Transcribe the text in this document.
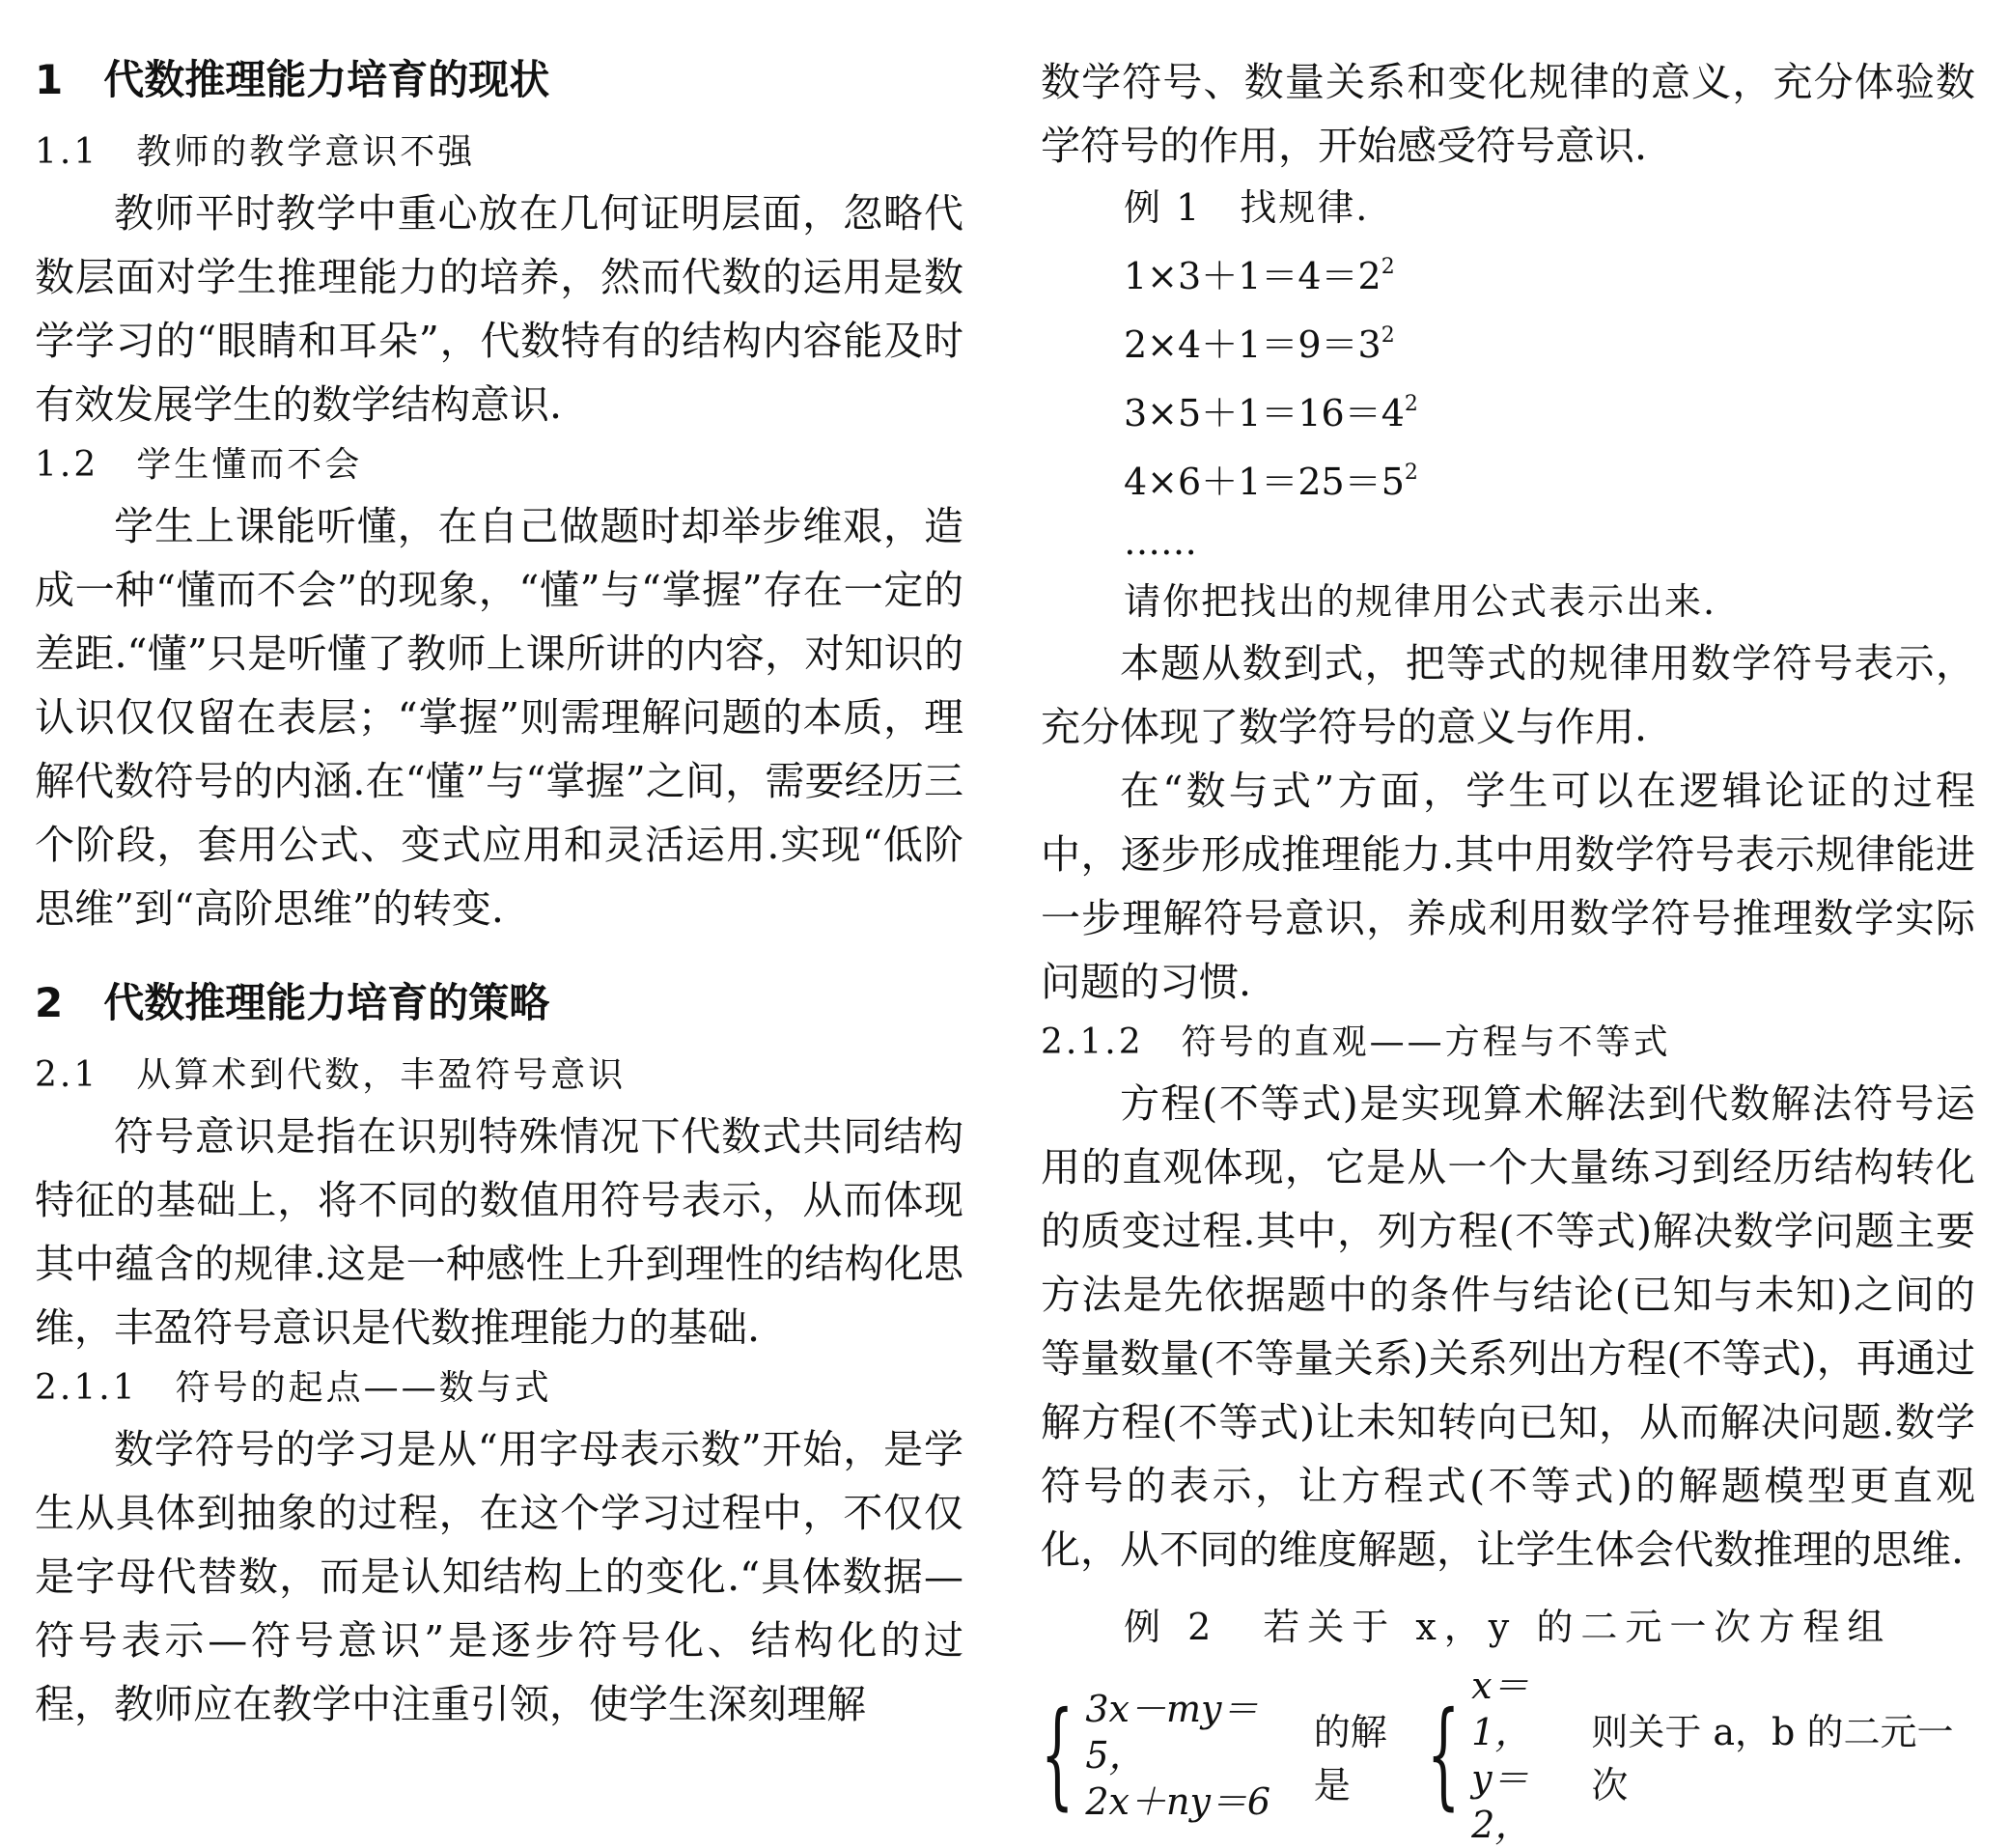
1　代数推理能力培育的现状
1.1　教师的教学意识不强
教师平时教学中重心放在几何证明层面，忽略代数层面对学生推理能力的培养，然而代数的运用是数学学习的“眼睛和耳朵”，代数特有的结构内容能及时有效发展学生的数学结构意识.
1.2　学生懂而不会
学生上课能听懂，在自己做题时却举步维艰，造成一种“懂而不会”的现象，“懂”与“掌握”存在一定的差距.“懂”只是听懂了教师上课所讲的内容，对知识的认识仅仅留在表层；“掌握”则需理解问题的本质，理解代数符号的内涵.在“懂”与“掌握”之间，需要经历三个阶段，套用公式、变式应用和灵活运用.实现“低阶思维”到“高阶思维”的转变.
2　代数推理能力培育的策略
2.1　从算术到代数，丰盈符号意识
符号意识是指在识别特殊情况下代数式共同结构特征的基础上，将不同的数值用符号表示，从而体现其中蕴含的规律.这是一种感性上升到理性的结构化思维，丰盈符号意识是代数推理能力的基础.
2.1.1　符号的起点——数与式
数学符号的学习是从“用字母表示数”开始，是学生从具体到抽象的过程，在这个学习过程中，不仅仅是字母代替数，而是认知结构上的变化.“具体数据—符号表示—符号意识”是逐步符号化、结构化的过程，教师应在教学中注重引领，使学生深刻理解
数学符号、数量关系和变化规律的意义，充分体验数学符号的作用，开始感受符号意识.
例 1　找规律.
$1\times 3+1=4=2^2$
$2\times 4+1=9=3^2$
$3\times 5+1=16=4^2$
$4\times 6+1=25=5^2$
……
请你把找出的规律用公式表示出来.
本题从数到式，把等式的规律用数学符号表示，充分体现了数学符号的意义与作用.
在“数与式”方面，学生可以在逻辑论证的过程中，逐步形成推理能力.其中用数学符号表示规律能进一步理解符号意识，养成利用数学符号推理数学实际问题的习惯.
2.1.2　符号的直观——方程与不等式
方程(不等式)是实现算术解法到代数解法符号运用的直观体现，它是从一个大量练习到经历结构转化的质变过程.其中，列方程(不等式)解决数学问题主要方法是先依据题中的条件与结论(已知与未知)之间的等量数量(不等量关系)关系列出方程(不等式)，再通过解方程(不等式)让未知转向已知，从而解决问题.数学符号的表示，让方程式(不等式)的解题模型更直观化，从不同的维度解题，让学生体会代数推理的思维.
例 2　若关于 x，y 的二元一次方程组
{ 3x－my＝5，
2x＋ny＝6
的解是 {
x＝1，
y＝2，
则关于 a，b 的二元一次
